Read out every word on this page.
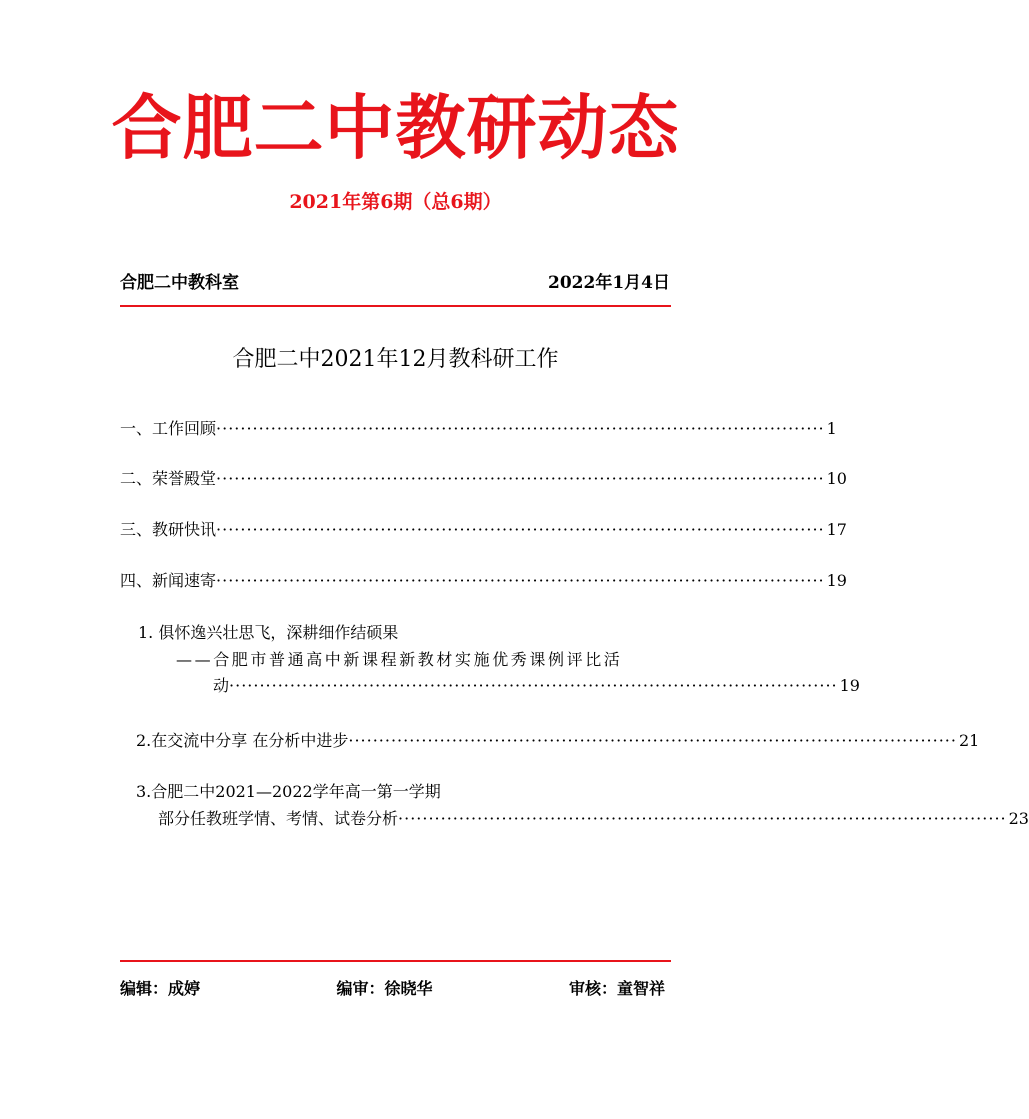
合肥二中教研动态
2021年第6期（总6期）
合肥二中教科室	2022年1月4日
合肥二中2021年12月教科研工作
一、工作回顾 ···································································································· 1
二、荣誉殿堂 ···································································································· 10
三、教研快讯 ···································································································· 17
四、新闻速寄 ···································································································· 19
1. 俱怀逸兴壮思飞，深耕细作结硕果
——合肥市普通高中新课程新教材实施优秀课例评比活
动 ···································································································· 19
2.在交流中分享 在分析中进步 ···································································································· 21
3.合肥二中2021—2022学年高一第一学期
部分任教班学情、考情、试卷分析 ···································································································· 23
编辑：成婷	编审：徐晓华	审核：童智祥
